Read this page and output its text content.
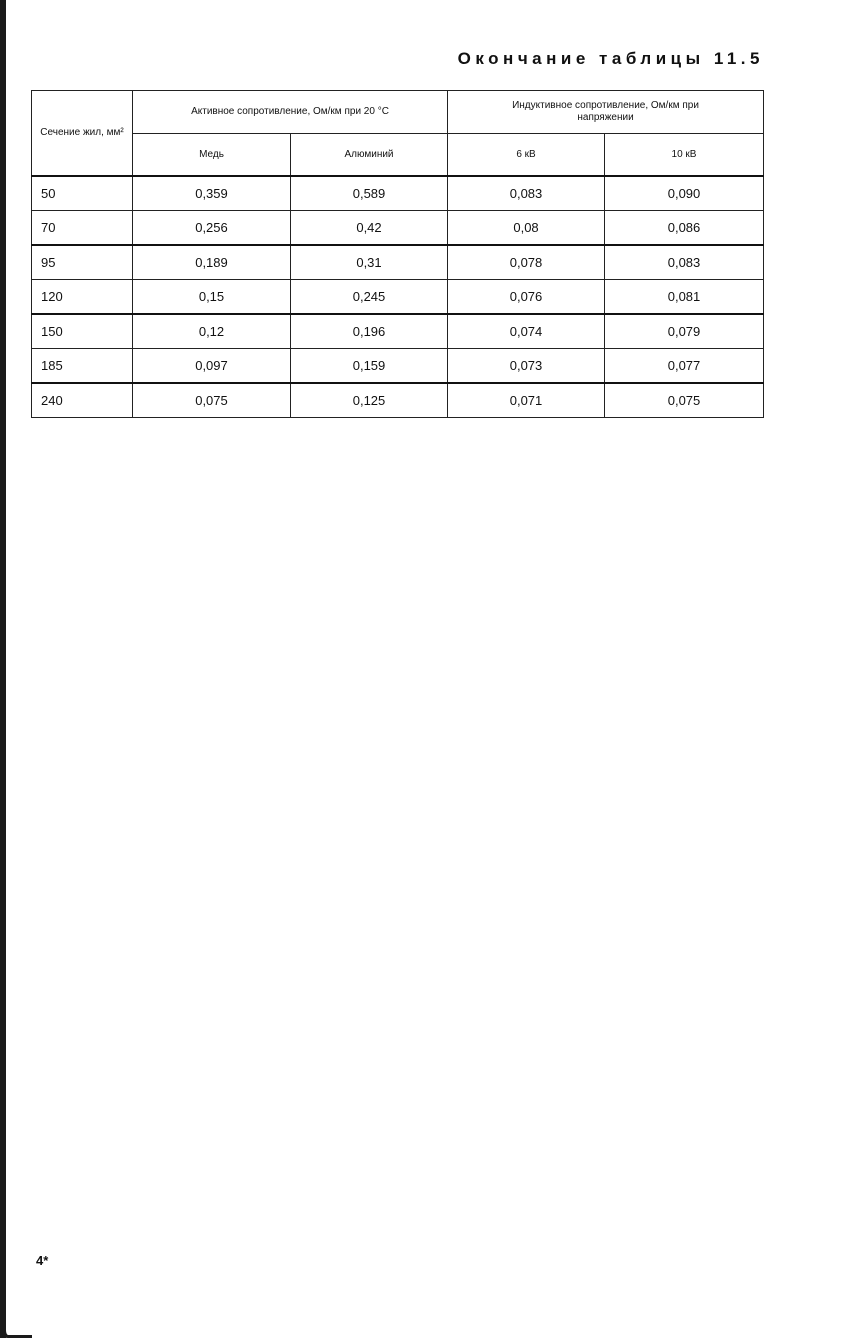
Окончание таблицы 11.5
Сечение жил, мм²	Активное сопротивление, Ом/км при 20 °С		Индуктивное сопротивление, Ом/км при напряжении	

	Медь	Алюминий	6 кВ	10 кВ
50	0,359	0,589	0,083	0,090
70	0,256	0,42	0,08	0,086
95	0,189	0,31	0,078	0,083
120	0,15	0,245	0,076	0,081
150	0,12	0,196	0,074	0,079
185	0,097	0,159	0,073	0,077
240	0,075	0,125	0,071	0,075
4*
